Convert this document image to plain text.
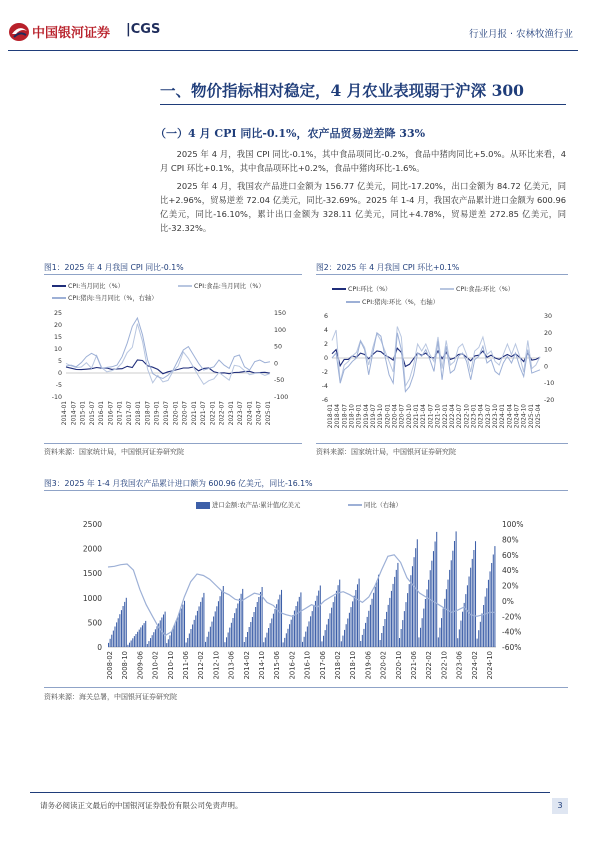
中国银河证券 |CGS	行业月报 · 农林牧渔行业
一、物价指标相对稳定，4 月农业表现弱于沪深 300
（一）4 月 CPI 同比-0.1%，农产品贸易逆差降 33%
2025 年 4 月，我国 CPI 同比-0.1%，其中食品项同比-0.2%，食品中猪肉同比+5.0%。从环比来看，4 月 CPI 环比+0.1%，其中食品项环比+0.2%，食品中猪肉环比-1.6%。
2025 年 4 月，我国农产品进口金额为 156.77 亿美元，同比-17.20%，出口金额为 84.72 亿美元，同比+2.96%，贸易逆差 72.04 亿美元，同比-32.69%。2025 年 1-4 月，我国农产品累计进口金额为 600.96 亿美元，同比-16.10%，累计出口金额为 328.11 亿美元，同比+4.78%，贸易逆差 272.85 亿美元，同比-32.32%。
图1：2025 年 4 月我国 CPI 同比-0.1%
CPI:当月同比（%）	CPI:食品:当月同比（%）
CPI:猪肉:当月同比（%，右轴）
25
20
15
10
5
0
-5
-10
150
100
50
0
-50
-100
2014-01 2014-07 2015-01 2015-07 2016-01 2016-07 2017-01 2017-07 2018-01 2018-07 2019-01 2019-07 2020-01 2020-07 2021-01 2021-07 2022-01 2022-07 2023-01 2023-07 2024-01 2024-07 2025-01
资料来源：国家统计局，中国银河证券研究院
图2：2025 年 4 月我国 CPI 环比+0.1%
CPI:环比（%）	CPI:食品:环比（%）
CPI:猪肉:环比（%，右轴）
6
4
2
0
-2
-4
-6
30
20
10
0
-10
-20
2018-01 2018-04 2018-07 2018-10 2019-01 2019-04 2019-07 2019-10 2020-01 2020-04 2020-07 2020-10 2021-01 2021-04 2021-07 2021-10 2022-01 2022-04 2022-07 2022-10 2023-01 2023-04 2023-07 2023-10 2024-01 2024-04 2024-07 2024-10 2025-01 2025-04
资料来源：国家统计局，中国银河证券研究院
图3：2025 年 1-4 月我国农产品累计进口额为 600.96 亿美元，同比-16.1%
进口金额:农产品:累计值/亿美元	同比（右轴）
2500
2000
1500
1000
500
0
100%
80%
60%
40%
20%
0%
-20%
-40%
-60%
2008-02 2008-10 2009-06 2010-02 2010-10 2011-06 2012-02 2012-10 2013-06 2014-02 2014-10 2015-06 2016-02 2016-10 2017-06 2018-02 2018-10 2019-06 2020-02 2020-10 2021-06 2022-02 2022-10 2023-06 2024-02 2024-10
资料来源：海关总署，中国银河证券研究院
请务必阅读正文最后的中国银河证券股份有限公司免责声明。	3
